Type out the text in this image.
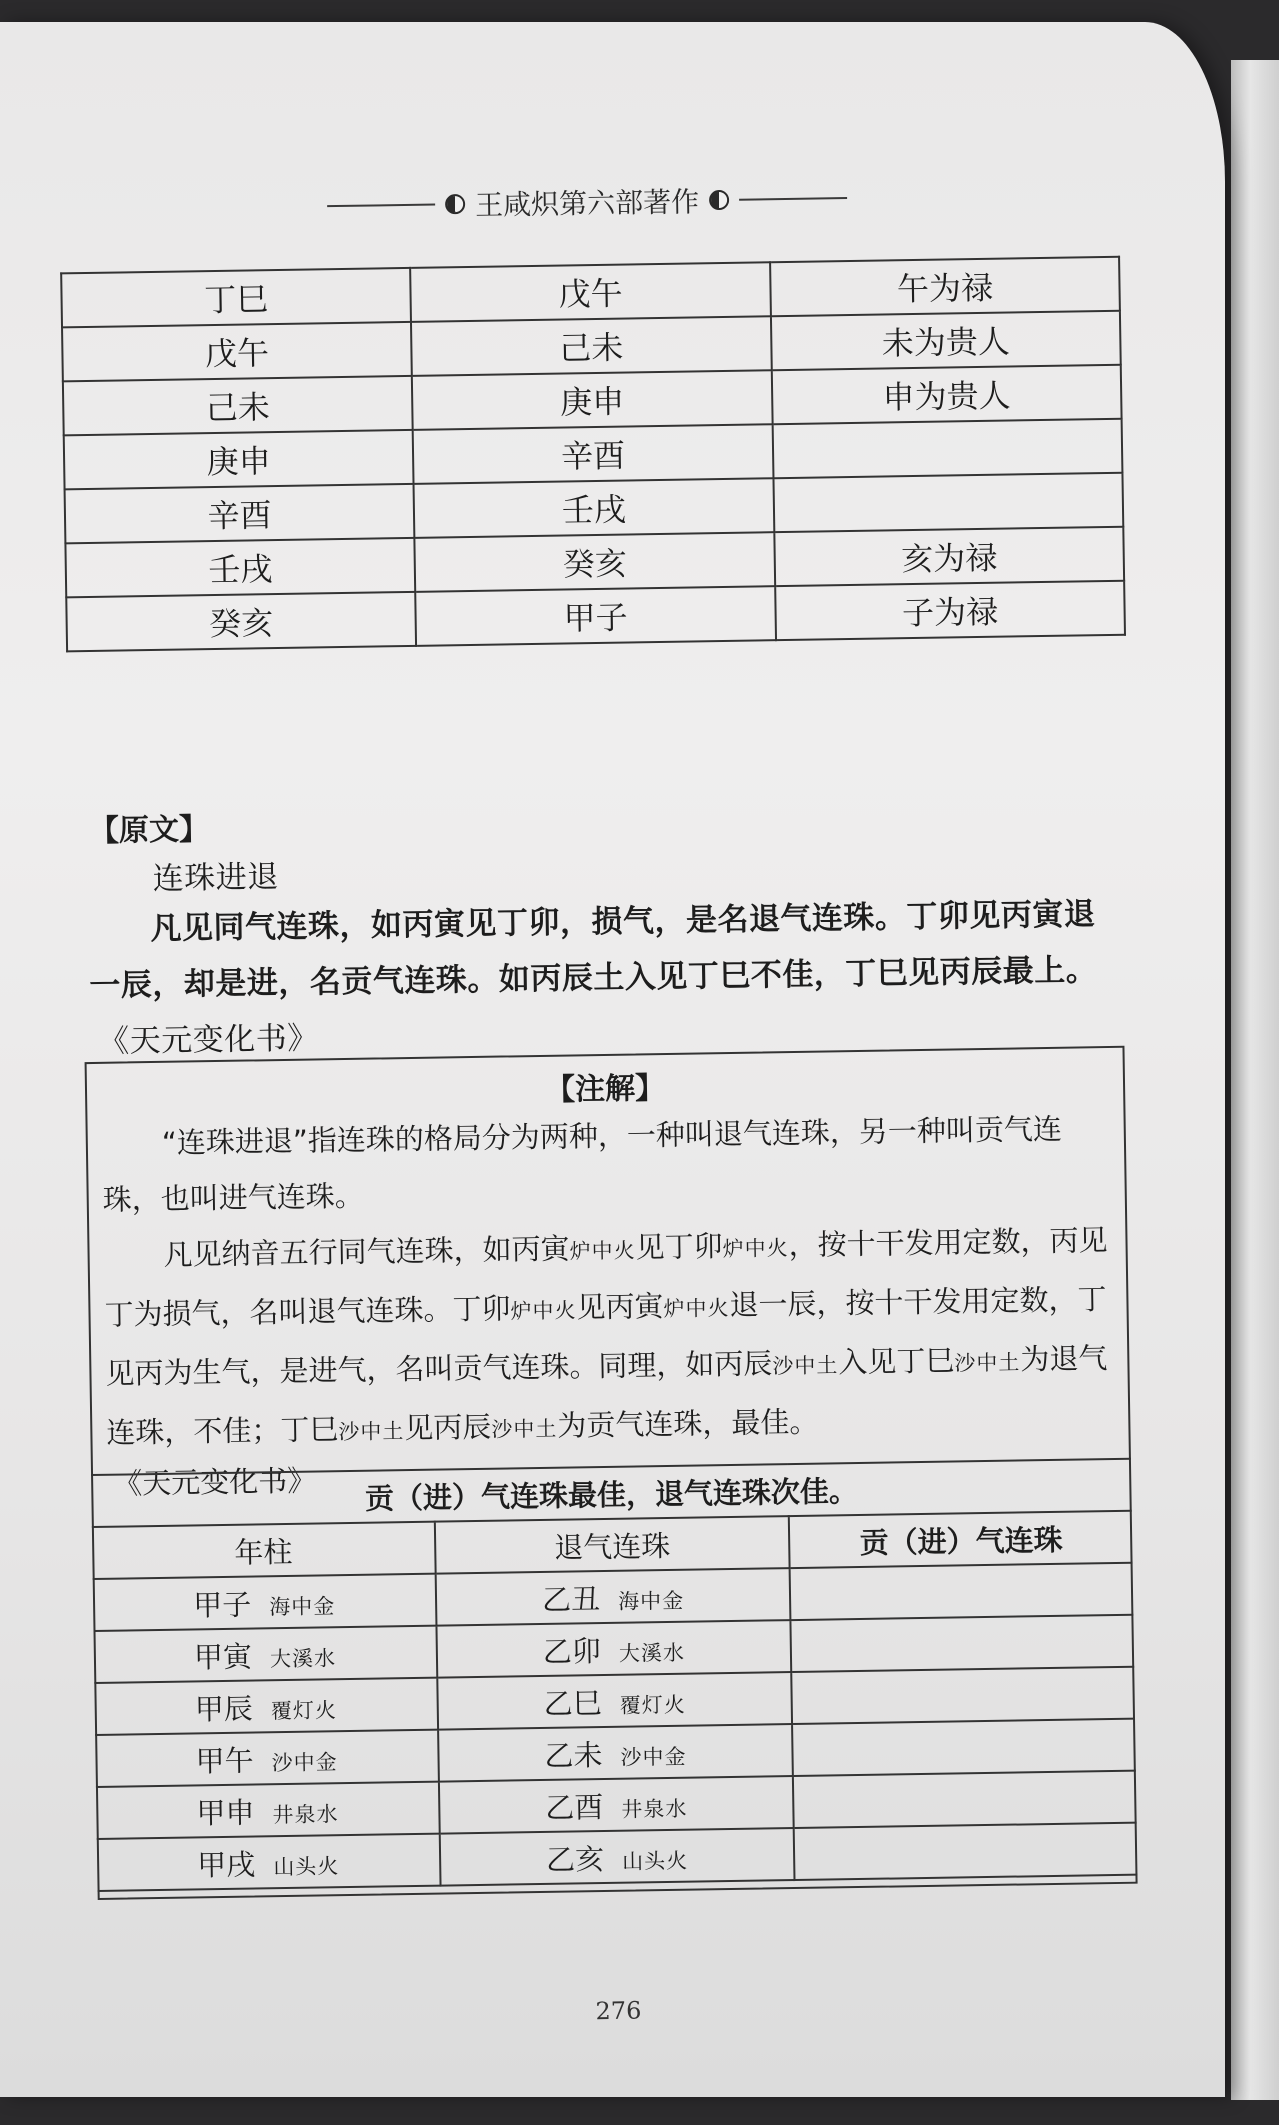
王咸炽第六部著作
丁巳	戊午	午为禄
戊午	己未	未为贵人
己未	庚申	申为贵人
庚申	辛酉	
辛酉	壬戌	
壬戌	癸亥	亥为禄
癸亥	甲子	子为禄
【原文】
连珠进退
凡见同气连珠，如丙寅见丁卯，损气，是名退气连珠。丁卯见丙寅退一辰，却是进，名贡气连珠。如丙辰土入见丁巳不佳，丁巳见丙辰最上。
《天元变化书》
【注解】

“连珠进退”指连珠的格局分为两种，一种叫退气连珠，另一种叫贡气连珠，也叫进气连珠。

凡见纳音五行同气连珠，如丙寅炉中火见丁卯炉中火，按十干发用定数，丙见丁为损气，名叫退气连珠。丁卯炉中火见丙寅炉中火退一辰，按十干发用定数，丁见丙为生气，是进气，名叫贡气连珠。同理，如丙辰沙中土入见丁巳沙中土为退气连珠，不佳；丁巳沙中土见丙辰沙中土为贡气连珠，最佳。

《天元变化书》	贡（进）气连珠最佳，退气连珠次佳。		
年柱	退气连珠	贡（进）气连珠
甲子 海中金	乙丑 海中金	
甲寅 大溪水	乙卯 大溪水	
甲辰 覆灯火	乙巳 覆灯火	
甲午 沙中金	乙未 沙中金	
甲申 井泉水	乙酉 井泉水	
甲戌 山头火	乙亥 山头火	
276
